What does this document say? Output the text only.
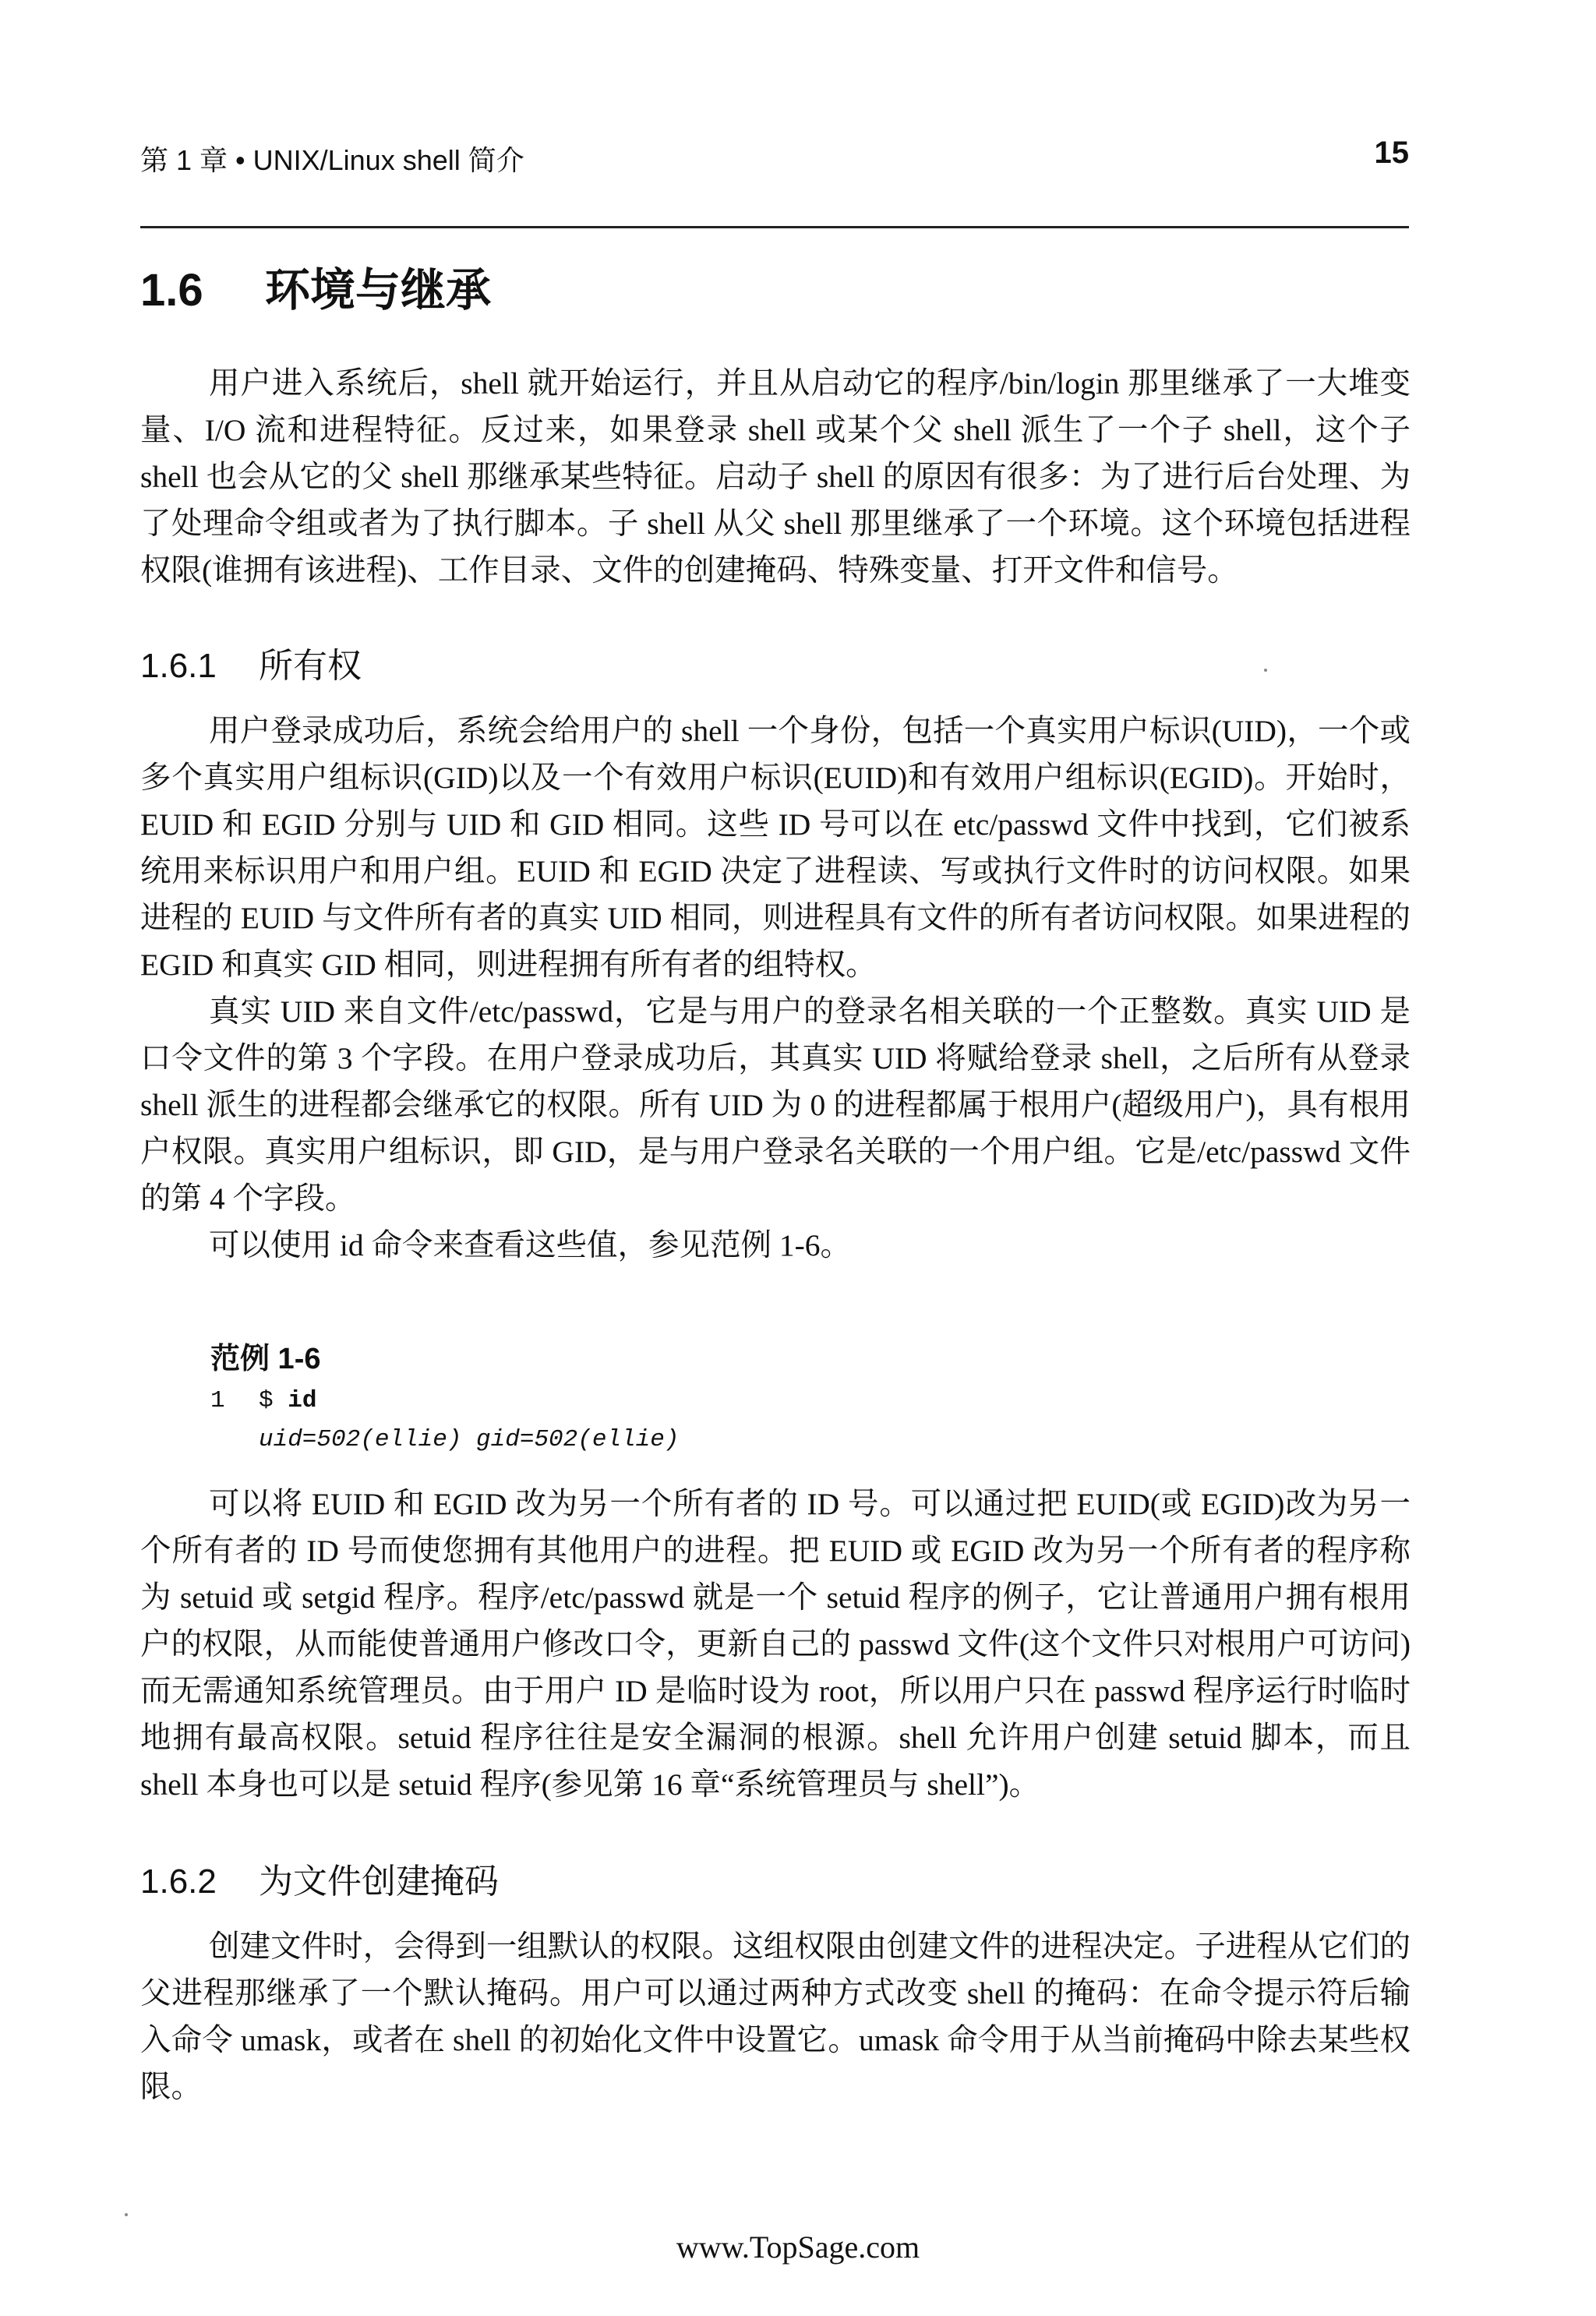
第 1 章 • UNIX/Linux shell 简介	15
1.6 环境与继承

用户进入系统后，shell 就开始运行，并且从启动它的程序/bin/login 那里继承了一大堆变量、I/O 流和进程特征。反过来，如果登录 shell 或某个父 shell 派生了一个子 shell，这个子 shell 也会从它的父 shell 那继承某些特征。启动子 shell 的原因有很多：为了进行后台处理、为了处理命令组或者为了执行脚本。子 shell 从父 shell 那里继承了一个环境。这个环境包括进程权限(谁拥有该进程)、工作目录、文件的创建掩码、特殊变量、打开文件和信号。

1.6.1 所有权

用户登录成功后，系统会给用户的 shell 一个身份，包括一个真实用户标识(UID)，一个或多个真实用户组标识(GID)以及一个有效用户标识(EUID)和有效用户组标识(EGID)。开始时，EUID 和 EGID 分别与 UID 和 GID 相同。这些 ID 号可以在 etc/passwd 文件中找到，它们被系统用来标识用户和用户组。EUID 和 EGID 决定了进程读、写或执行文件时的访问权限。如果进程的 EUID 与文件所有者的真实 UID 相同，则进程具有文件的所有者访问权限。如果进程的 EGID 和真实 GID 相同，则进程拥有所有者的组特权。

真实 UID 来自文件/etc/passwd，它是与用户的登录名相关联的一个正整数。真实 UID 是口令文件的第 3 个字段。在用户登录成功后，其真实 UID 将赋给登录 shell，之后所有从登录 shell 派生的进程都会继承它的权限。所有 UID 为 0 的进程都属于根用户(超级用户)，具有根用户权限。真实用户组标识，即 GID，是与用户登录名关联的一个用户组。它是/etc/passwd 文件的第 4 个字段。

可以使用 id 命令来查看这些值，参见范例 1-6。

范例 1-6
1 $ id
uid=502(ellie) gid=502(ellie)

可以将 EUID 和 EGID 改为另一个所有者的 ID 号。可以通过把 EUID(或 EGID)改为另一个所有者的 ID 号而使您拥有其他用户的进程。把 EUID 或 EGID 改为另一个所有者的程序称为 setuid 或 setgid 程序。程序/etc/passwd 就是一个 setuid 程序的例子，它让普通用户拥有根用户的权限，从而能使普通用户修改口令，更新自己的 passwd 文件(这个文件只对根用户可访问)而无需通知系统管理员。由于用户 ID 是临时设为 root，所以用户只在 passwd 程序运行时临时地拥有最高权限。setuid 程序往往是安全漏洞的根源。shell 允许用户创建 setuid 脚本，而且 shell 本身也可以是 setuid 程序(参见第 16 章“系统管理员与 shell”)。

1.6.2 为文件创建掩码

创建文件时，会得到一组默认的权限。这组权限由创建文件的进程决定。子进程从它们的父进程那继承了一个默认掩码。用户可以通过两种方式改变 shell 的掩码：在命令提示符后输入命令 umask，或者在 shell 的初始化文件中设置它。umask 命令用于从当前掩码中除去某些权限。

www.TopSage.com
